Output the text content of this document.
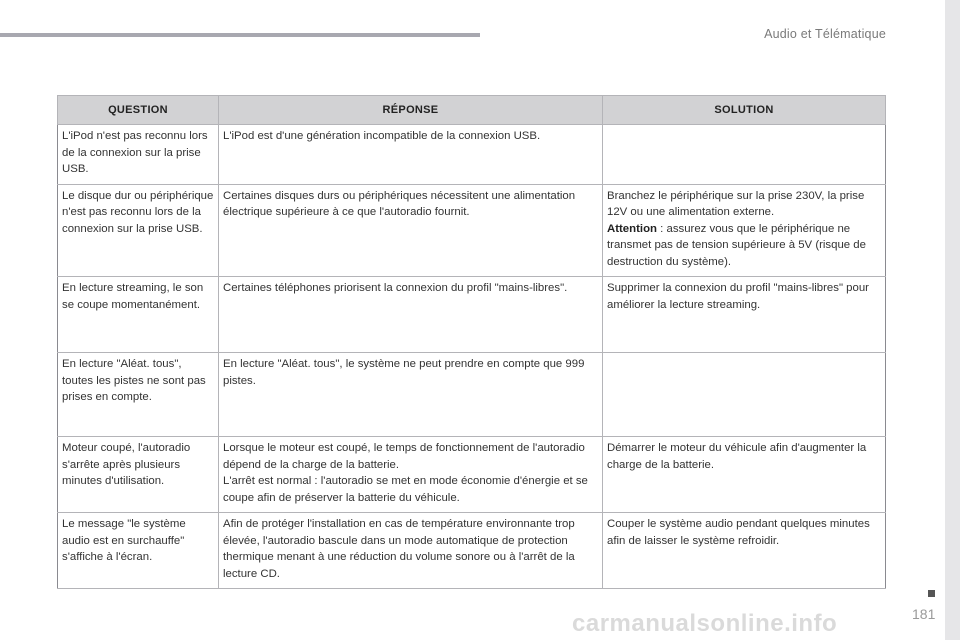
Audio et Télématique
QUESTION	RÉPONSE	SOLUTION
L'iPod n'est pas reconnu lors de la connexion sur la prise USB.	L'iPod est d'une génération incompatible de la connexion USB.	
Le disque dur ou périphérique n'est pas reconnu lors de la connexion sur la prise USB.	Certaines disques durs ou périphériques nécessitent une alimentation électrique supérieure à ce que l'autoradio fournit.	Branchez le périphérique sur la prise 230V, la prise 12V ou une alimentation externe.
Attention : assurez vous que le périphérique ne transmet pas de tension supérieure à 5V (risque de destruction du système).
En lecture streaming, le son se coupe momentanément.	Certaines téléphones priorisent la connexion du profil "mains-libres".	Supprimer la connexion du profil "mains-libres" pour améliorer la lecture streaming.
En lecture "Aléat. tous", toutes les pistes ne sont pas prises en compte.	En lecture "Aléat. tous", le système ne peut prendre en compte que 999 pistes.	
Moteur coupé, l'autoradio s'arrête après plusieurs minutes d'utilisation.	Lorsque le moteur est coupé, le temps de fonctionnement de l'autoradio dépend de la charge de la batterie.
L'arrêt est normal : l'autoradio se met en mode économie d'énergie et se coupe afin de préserver la batterie du véhicule.	Démarrer le moteur du véhicule afin d'augmenter la charge de la batterie.
Le message "le système audio est en surchauffe" s'affiche à l'écran.	Afin de protéger l'installation en cas de température environnante trop élevée, l'autoradio bascule dans un mode automatique de protection thermique menant à une réduction du volume sonore ou à l'arrêt de la lecture CD.	Couper le système audio pendant quelques minutes afin de laisser le système refroidir.
181
carmanualsonline.info
